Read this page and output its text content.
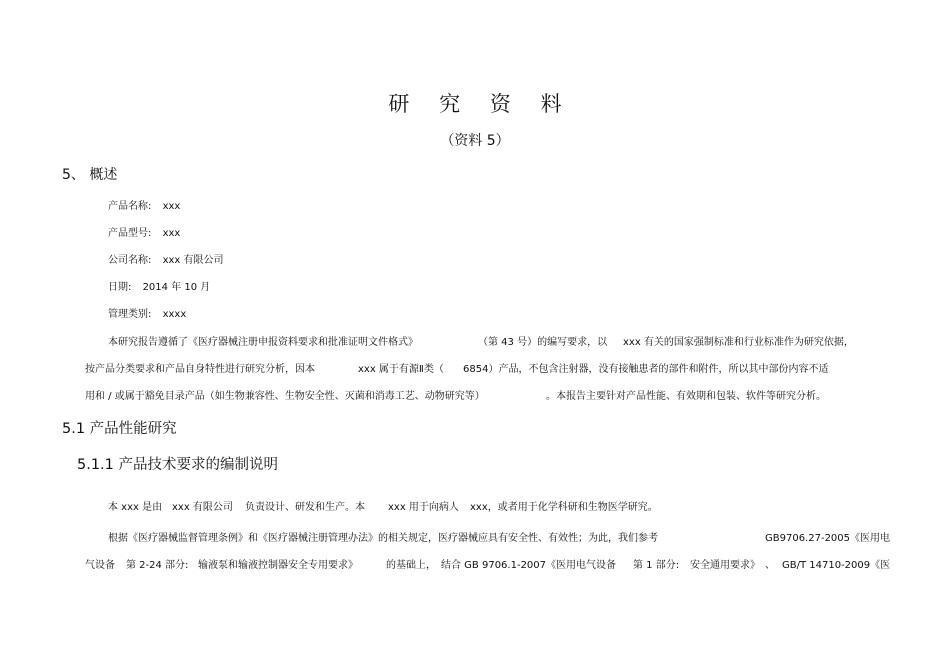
研 究 资 料
（资料 5）
5、 概述
产品名称: xxx
产品型号: xxx
公司名称: xxx 有限公司
日期: 2014 年 10 月
管理类别: xxxx
本研究报告遵循了《医疗器械注册申报资料要求和批准证明文件格式》	（第 43 号）的编写要求，以 xxx 有关的国家强制标准和行业标准作为研究依据，
按产品分类要求和产品自身特性进行研究分析，因本	xxx 属于有源Ⅱ类（ 6854）产品，不包含注射器，没有接触患者的部件和附件，所以其中部份内容不适
用和 / 或属于豁免目录产品（如生物兼容性、生物安全性、灭菌和消毒工艺、动物研究等）	。本报告主要针对产品性能、有效期和包装、软件等研究分析。
5.1 产品性能研究
5.1.1 产品技术要求的编制说明
本 xxx 是由 xxx 有限公司 负责设计、研发和生产。本 xxx 用于向病人 xxx，或者用于化学科研和生物医学研究。
根据《医疗器械监督管理条例》和《医疗器械注册管理办法》的相关规定，医疗器械应具有安全性、有效性；为此，我们参考	GB9706.27-2005《医用电
气设备 第 2-24 部分: 输液泵和输液控制器安全专用要求》	的基础上， 结合 GB 9706.1-2007《医用电气设备 第 1 部分: 安全通用要求》 、 GB/T 14710-2009《医
